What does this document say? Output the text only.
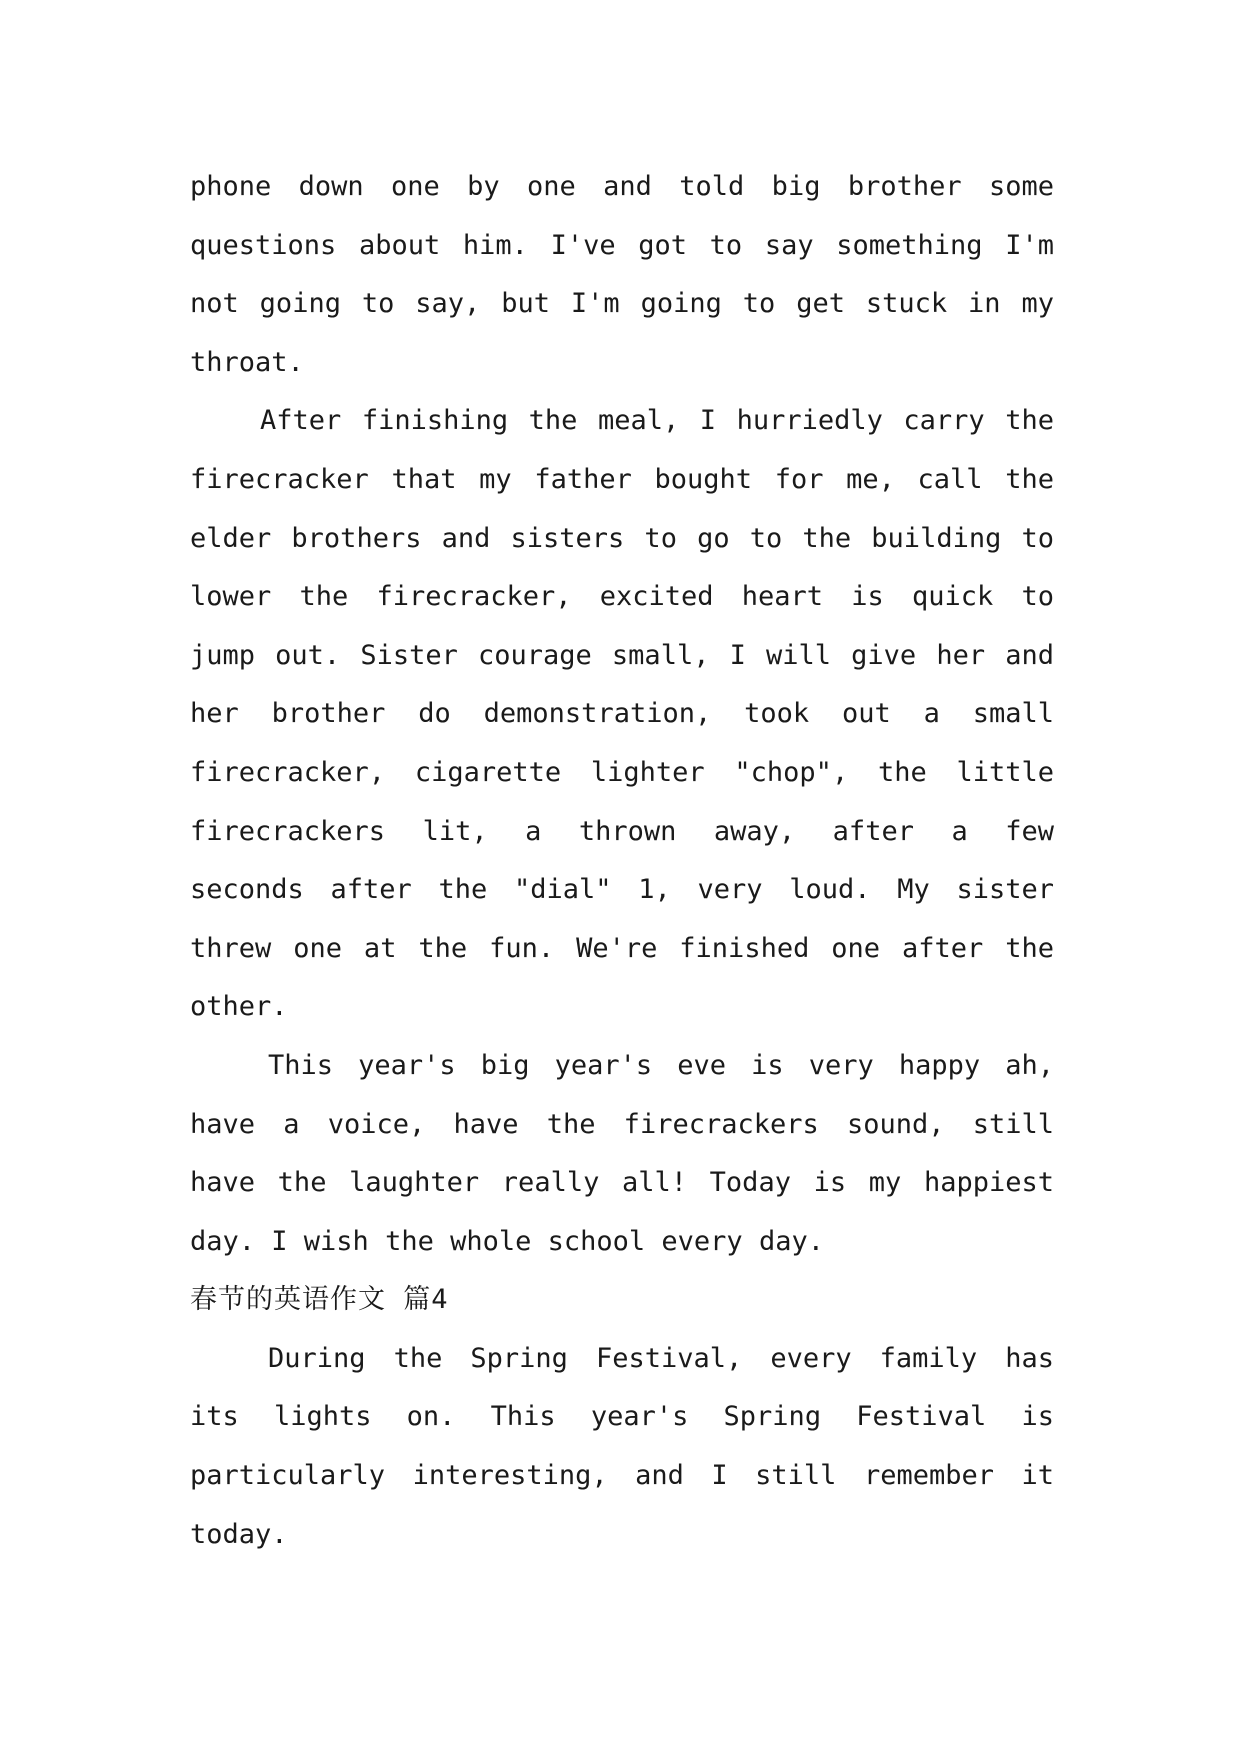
phone down one by one and told big brother some
questions about him. I've got to say something I'm
not going to say, but I'm going to get stuck in my
throat.
After finishing the meal, I hurriedly carry the
firecracker that my father bought for me, call the
elder brothers and sisters to go to the building to
lower the firecracker, excited heart is quick to
jump out. Sister courage small, I will give her and
her brother do demonstration, took out a small
firecracker, cigarette lighter "chop", the little
firecrackers lit, a thrown away, after a few
seconds after the "dial" 1, very loud. My sister
threw one at the fun. We're finished one after the
other.
This year's big year's eve is very happy ah,
have a voice, have the firecrackers sound, still
have the laughter really all! Today is my happiest
day. I wish the whole school every day.
春节的英语作文 篇4
During the Spring Festival, every family has
its lights on. This year's Spring Festival is
particularly interesting, and I still remember it
today.
